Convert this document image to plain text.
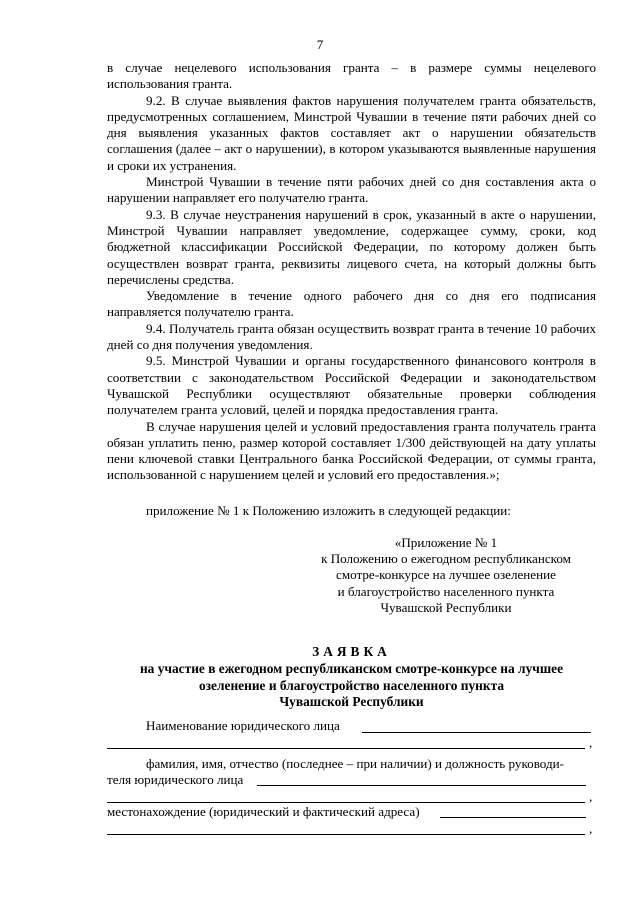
7

в случае нецелевого использования гранта – в размере суммы нецелевого использования гранта.

9.2. В случае выявления фактов нарушения получателем гранта обязательств, предусмотренных соглашением, Минстрой Чувашии в течение пяти рабочих дней со дня выявления указанных фактов составляет акт о нарушении обязательств соглашения (далее – акт о нарушении), в котором указываются выявленные нарушения и сроки их устранения.

Минстрой Чувашии в течение пяти рабочих дней со дня составления акта о нарушении направляет его получателю гранта.

9.3. В случае неустранения нарушений в срок, указанный в акте о нарушении, Минстрой Чувашии направляет уведомление, содержащее сумму, сроки, код бюджетной классификации Российской Федерации, по которому должен быть осуществлен возврат гранта, реквизиты лицевого счета, на который должны быть перечислены средства.

Уведомление в течение одного рабочего дня со дня его подписания направляется получателю гранта.

9.4. Получатель гранта обязан осуществить возврат гранта в течение 10 рабочих дней со дня получения уведомления.

9.5. Минстрой Чувашии и органы государственного финансового контроля в соответствии с законодательством Российской Федерации и законодательством Чувашской Республики осуществляют обязательные проверки соблюдения получателем гранта условий, целей и порядка предоставления гранта.

В случае нарушения целей и условий предоставления гранта получатель гранта обязан уплатить пеню, размер которой составляет 1/300 действующей на дату уплаты пени ключевой ставки Центрального банка Российской Федерации, от суммы гранта, использованной с нарушением целей и условий его предоставления.»;

приложение № 1 к Положению изложить в следующей редакции:
«Приложение № 1
к Положению о ежегодном республиканском
смотре-конкурсе на лучшее озеленение
и благоустройство населенного пункта
Чувашской Республики
ЗАЯВКА
на участие в ежегодном республиканском смотре-конкурсе на лучшее
озеленение и благоустройство населенного пункта
Чувашской Республики
Наименование юридического лица
,
фамилия, имя, отчество (последнее – при наличии) и должность руководи-
теля юридического лица
,
местонахождение (юридический и фактический адреса)
,
